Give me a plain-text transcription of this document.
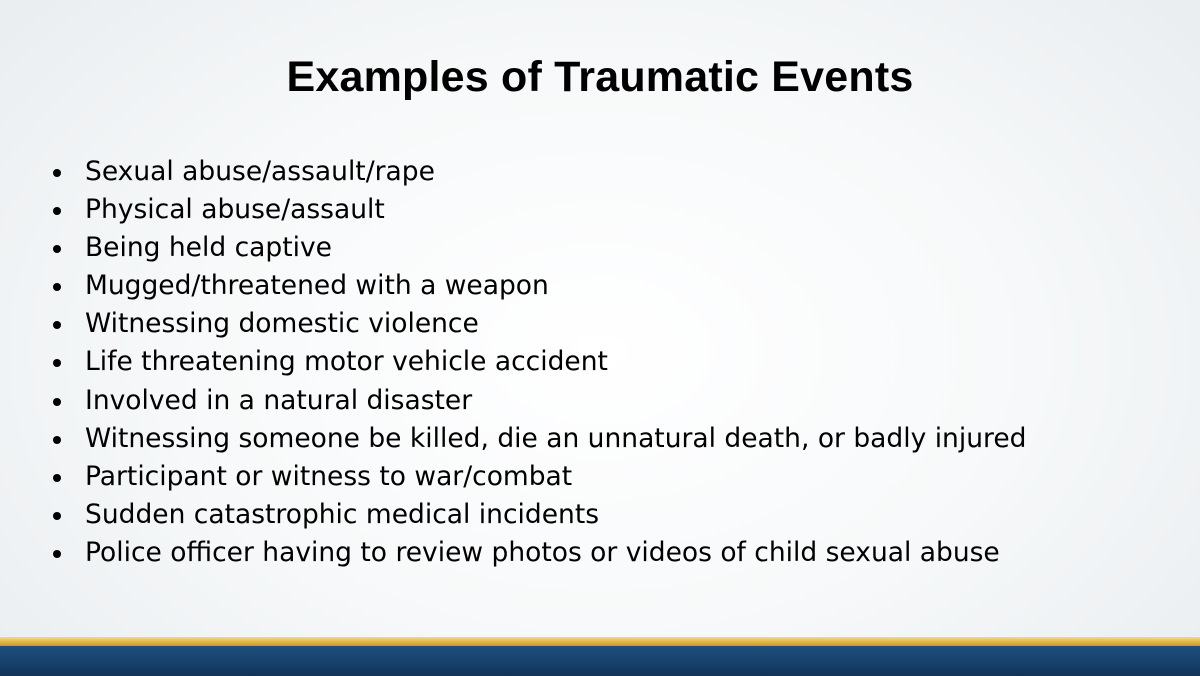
Examples of Traumatic Events
Sexual abuse/assault/rape
Physical abuse/assault
Being held captive
Mugged/threatened with a weapon
Witnessing domestic violence
Life threatening motor vehicle accident
Involved in a natural disaster
Witnessing someone be killed, die an unnatural death, or badly injured
Participant or witness to war/combat
Sudden catastrophic medical incidents
Police officer having to review photos or videos of child sexual abuse
